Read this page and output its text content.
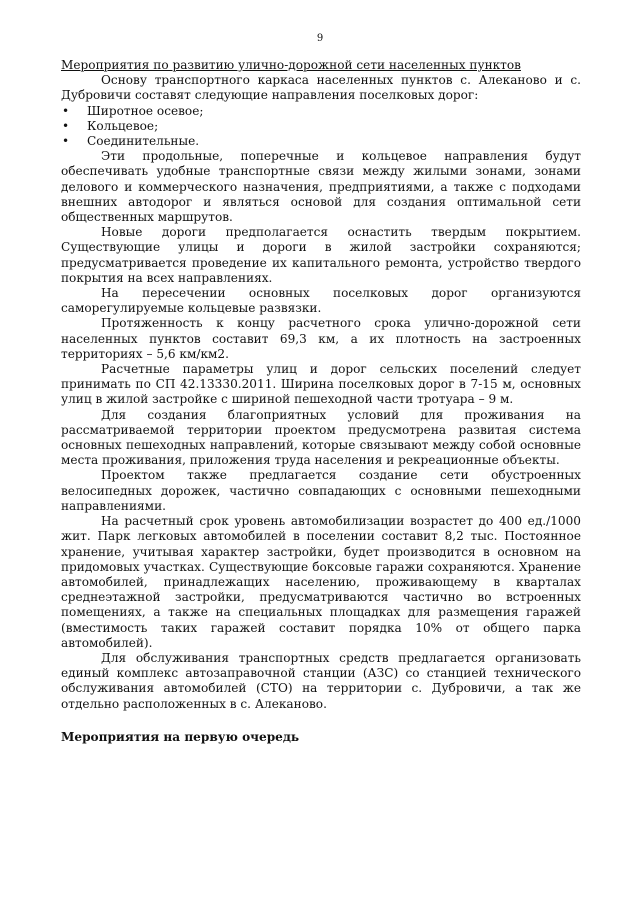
9

Мероприятия по развитию улично-дорожной сети населенных пунктов

Основу транспортного каркаса населенных пунктов с. Алеканово и с. Дубровичи составят следующие направления поселковых дорог:

• Широтное осевое;
• Кольцевое;
• Соединительные.

Эти продольные, поперечные и кольцевое направления будут обеспечивать удобные транспортные связи между жилыми зонами, зонами делового и коммерческого назначения, предприятиями, а также с подходами внешних автодорог и являться основой для создания оптимальной сети общественных маршрутов.

Новые дороги предполагается оснастить твердым покрытием. Существующие улицы и дороги в жилой застройки сохраняются; предусматривается проведение их капитального ремонта, устройство твердого покрытия на всех направлениях.

На пересечении основных поселковых дорог организуются саморегулируемые кольцевые развязки.

Протяженность к концу расчетного срока улично-дорожной сети населенных пунктов составит 69,3 км, а их плотность на застроенных территориях – 5,6 км/км2.

Расчетные параметры улиц и дорог сельских поселений следует принимать по СП 42.13330.2011. Ширина поселковых дорог в 7-15 м, основных улиц в жилой застройке с шириной пешеходной части тротуара – 9 м.

Для создания благоприятных условий для проживания на рассматриваемой территории проектом предусмотрена развитая система основных пешеходных направлений, которые связывают между собой основные места проживания, приложения труда населения и рекреационные объекты.

Проектом также предлагается создание сети обустроенных велосипедных дорожек, частично совпадающих с основными пешеходными направлениями.

На расчетный срок уровень автомобилизации возрастет до 400 ед./1000 жит. Парк легковых автомобилей в поселении составит 8,2 тыс. Постоянное хранение, учитывая характер застройки, будет производится в основном на придомовых участках. Существующие боксовые гаражи сохраняются. Хранение автомобилей, принадлежащих населению, проживающему в кварталах среднеэтажной застройки, предусматриваются частично во встроенных помещениях, а также на специальных площадках для размещения гаражей (вместимость таких гаражей составит порядка 10% от общего парка автомобилей).

Для обслуживания транспортных средств предлагается организовать единый комплекс автозаправочной станции (АЗС) со станцией технического обслуживания автомобилей (СТО) на территории с. Дубровичи, а так же отдельно расположенных в с. Алеканово.

Мероприятия на первую очередь
